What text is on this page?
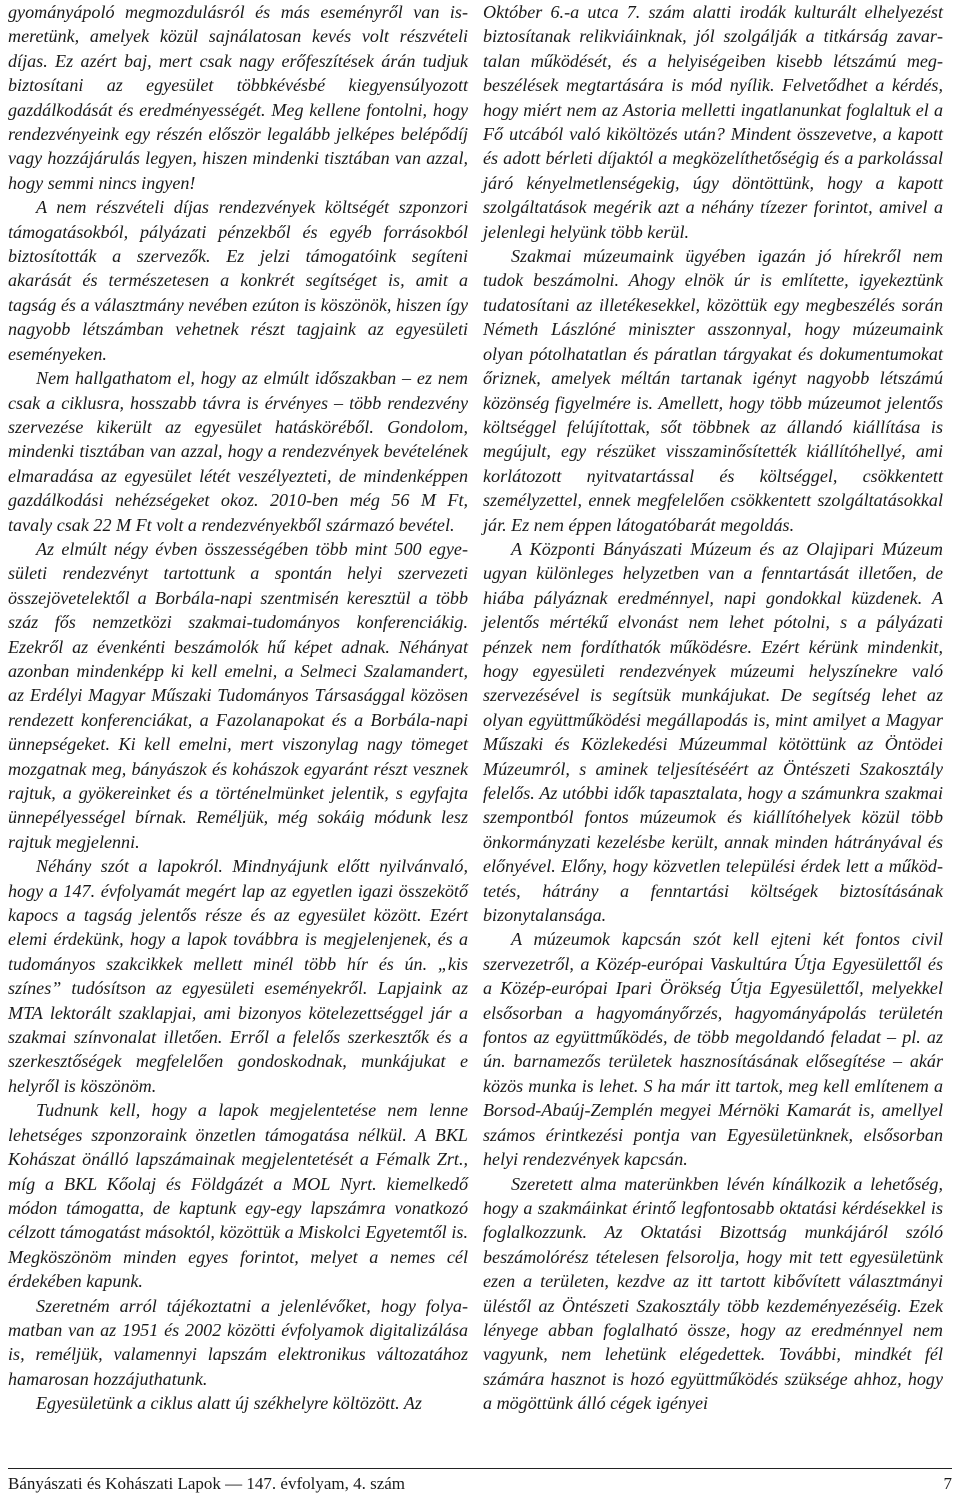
gyományápoló megmozdulásról és más eseményről van ismeretünk, amelyek közül sajnálatosan kevés volt részvételi díjas. Ez azért baj, mert csak nagy erőfeszítések árán tudjuk biztosítani az egyesület többkévésbé kiegyensúlyozott gazdálkodását és eredményességét. Meg kellene fontolni, hogy rendezvényeink egy részén először legalább jelképes belépődíj vagy hozzájárulás legyen, hiszen mindenki tisztában van azzal, hogy semmi nincs ingyen!

A nem részvételi díjas rendezvények költségét szponzori támogatásokból, pályázati pénzekből és egyéb forrásokból biztosították a szervezők. Ez jelzi támogatóink segíteni akarását és természetesen a konkrét segítséget is, amit a tagság és a választmány nevében ezúton is köszönök, hiszen így nagyobb létszámban vehetnek részt tagjaink az egyesületi eseményeken.

Nem hallgathatom el, hogy az elmúlt időszakban – ez nem csak a ciklusra, hosszabb távra is érvényes – több rendezvény szervezése kikerült az egyesület hatásköréből. Gondolom, mindenki tisztában van azzal, hogy a rendezvények bevételének elmaradása az egyesület létét veszélyezteti, de mindenképpen gazdálkodási nehézségeket okoz. 2010-ben még 56 M Ft, tavaly csak 22 M Ft volt a rendezvényekből származó bevétel.

Az elmúlt négy évben összességében több mint 500 egyesületi rendezvényt tartottunk a spontán helyi szervezeti összejövetelektől a Borbála-napi szentmisén keresztül a több száz fős nemzetközi szakmai-tudományos konferenciákig. Ezekről az évenkénti beszámolók hű képet adnak. Néhányat azonban mindenképp ki kell emelni, a Selmeci Szalamandert, az Erdélyi Magyar Műszaki Tudományos Társasággal közösen rendezett konferenciákat, a Fazolanapokat és a Borbála-napi ünnepségeket. Ki kell emelni, mert viszonylag nagy tömeget mozgatnak meg, bányászok és kohászok egyaránt részt vesznek rajtuk, a gyökereinket és a történelmünket jelentik, s egyfajta ünnepélyességel bírnak. Reméljük, még sokáig módunk lesz rajtuk megjelenni.

Néhány szót a lapokról. Mindnyájunk előtt nyilvánvaló, hogy a 147. évfolyamát megért lap az egyetlen igazi összekötő kapocs a tagság jelentős része és az egyesület között. Ezért elemi érdekünk, hogy a lapok továbbra is megjelenjenek, és a tudományos szakcikkek mellett minél több hír és ún. „kis színes” tudósítson az egyesületi eseményekről. Lapjaink az MTA lektorált szaklapjai, ami bizonyos kötelezettséggel jár a szakmai színvonalat illetően. Erről a felelős szerkesztők és a szerkesztőségek megfelelően gondoskodnak, munkájukat e helyről is köszönöm.

Tudnunk kell, hogy a lapok megjelentetése nem lenne lehetséges szponzoraink önzetlen támogatása nélkül. A BKL Kohászat önálló lapszámainak megjelentetését a Fémalk Zrt., míg a BKL Kőolaj és Földgázét a MOL Nyrt. kiemelkedő módon támogatta, de kaptunk egy-egy lapszámra vonatkozó célzott támogatást másoktól, közöttük a Miskolci Egyetemtől is. Megköszönöm minden egyes forintot, melyet a nemes cél érdekében kapunk.

Szeretném arról tájékoztatni a jelenlévőket, hogy folyamatban van az 1951 és 2002 közötti évfolyamok digitalizálása is, reméljük, valamennyi lapszám elektronikus változatához hamarosan hozzájuthatunk.

Egyesületünk a ciklus alatt új székhelyre költözött. Az

Október 6.-a utca 7. szám alatti irodák kulturált elhelyezést biztosítanak relikviáinknak, jól szolgálják a titkárság zavartalan működését, és a helyiségeiben kisebb létszámú megbeszélések megtartására is mód nyílik. Felvetődhet a kérdés, hogy miért nem az Astoria melletti ingatlanunkat foglaltuk el a Fő utcából való kiköltözés után? Mindent összevetve, a kapott és adott bérleti díjaktól a megközelíthetőségig és a parkolással járó kényelmetlenségekig, úgy döntöttünk, hogy a kapott szolgáltatások megérik azt a néhány tízezer forintot, amivel a jelenlegi helyünk több kerül.

Szakmai múzeumaink ügyében igazán jó hírekről nem tudok beszámolni. Ahogy elnök úr is említette, igyekeztünk tudatosítani az illetékesekkel, közöttük egy megbeszélés során Németh Lászlóné miniszter asszonnyal, hogy múzeumaink olyan pótolhatatlan és páratlan tárgyakat és dokumentumokat őriznek, amelyek méltán tartanak igényt nagyobb létszámú közönség figyelmére is. Amellett, hogy több múzeumot jelentős költséggel felújítottak, sőt többnek az állandó kiállítása is megújult, egy részüket visszaminősítették kiállítóhellyé, ami korlátozott nyitvatartással és költséggel, csökkentett személyzettel, ennek megfelelően csökkentett szolgáltatásokkal jár. Ez nem éppen látogatóbarát megoldás.

A Központi Bányászati Múzeum és az Olajipari Múzeum ugyan különleges helyzetben van a fenntartását illetően, de hiába pályáznak eredménnyel, napi gondokkal küzdenek. A jelentős mértékű elvonást nem lehet pótolni, s a pályázati pénzek nem fordíthatók működésre. Ezért kérünk mindenkit, hogy egyesületi rendezvények múzeumi helyszínekre való szervezésével is segítsük munkájukat. De segítség lehet az olyan együttműködési megállapodás is, mint amilyet a Magyar Műszaki és Közlekedési Múzeummal kötöttünk az Öntödei Múzeumról, s aminek teljesítéséért az Öntészeti Szakosztály felelős. Az utóbbi idők tapasztalata, hogy a számunkra szakmai szempontból fontos múzeumok és kiállítóhelyek közül több önkormányzati kezelésbe került, annak minden hátrányával és előnyével. Előny, hogy közvetlen települési érdek lett a működtetés, hátrány a fenntartási költségek biztosításának bizonytalansága.

A múzeumok kapcsán szót kell ejteni két fontos civil szervezetről, a Közép-európai Vaskultúra Útja Egyesülettől és a Közép-európai Ipari Örökség Útja Egyesülettől, melyekkel elsősorban a hagyományőrzés, hagyományápolás területén fontos az együttműködés, de több megoldandó feladat – pl. az ún. barnamezős területek hasznosításának elősegítése – akár közös munka is lehet. S ha már itt tartok, meg kell említenem a Borsod-Abaúj-Zemplén megyei Mérnöki Kamarát is, amellyel számos érintkezési pontja van Egyesületünknek, elsősorban helyi rendezvények kapcsán.

Szeretett alma materünkben lévén kínálkozik a lehetőség, hogy a szakmáinkat érintő legfontosabb oktatási kérdésekkel is foglalkozzunk. Az Oktatási Bizottság munkájáról szóló beszámolórész tételesen felsorolja, hogy mit tett egyesületünk ezen a területen, kezdve az itt tartott kibővített választmányi üléstől az Öntészeti Szakosztály több kezdeményezéséig. Ezek lényege abban foglalható össze, hogy az eredménnyel nem vagyunk, nem lehetünk elégedettek. További, mindkét fél számára hasznot is hozó együttműködés szüksége ahhoz, hogy a mögöttünk álló cégek igényei

Bányászati és Kohászati Lapok — 147. évfolyam, 4. szám	7
